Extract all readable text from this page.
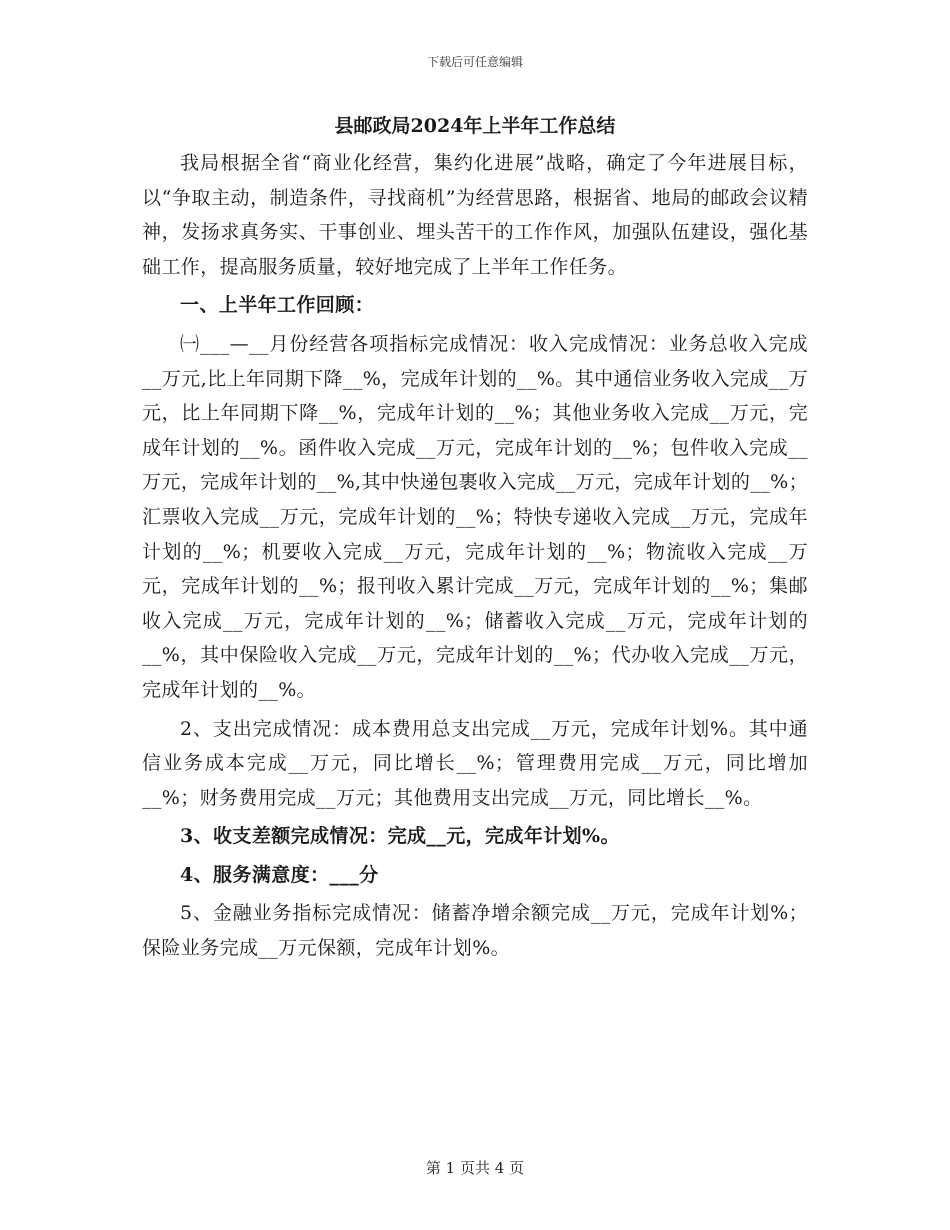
下载后可任意编辑
县邮政局2024年上半年工作总结

我局根据全省“商业化经营，集约化进展”战略，确定了今年进展目标，以“争取主动，制造条件，寻找商机”为经营思路，根据省、地局的邮政会议精神，发扬求真务实、干事创业、埋头苦干的工作作风，加强队伍建设，强化基础工作，提高服务质量，较好地完成了上半年工作任务。

一、上半年工作回顾：

㈠___—__月份经营各项指标完成情况：收入完成情况：业务总收入完成__万元,比上年同期下降__%，完成年计划的__%。其中通信业务收入完成__万元，比上年同期下降__%，完成年计划的__%；其他业务收入完成__万元，完成年计划的__%。函件收入完成__万元，完成年计划的__%；包件收入完成__万元，完成年计划的__%,其中快递包裹收入完成__万元，完成年计划的__%；汇票收入完成__万元，完成年计划的__%；特快专递收入完成__万元，完成年计划的__%；机要收入完成__万元，完成年计划的__%；物流收入完成__万元，完成年计划的__%；报刊收入累计完成__万元，完成年计划的__%；集邮收入完成__万元，完成年计划的__%；储蓄收入完成__万元，完成年计划的__%，其中保险收入完成__万元，完成年计划的__%；代办收入完成__万元，完成年计划的__%。

2、支出完成情况：成本费用总支出完成__万元，完成年计划%。其中通信业务成本完成__万元，同比增长__%；管理费用完成__万元，同比增加__%；财务费用完成__万元；其他费用支出完成__万元，同比增长__%。

3、收支差额完成情况：完成__元，完成年计划%。

4、服务满意度：___分

5、金融业务指标完成情况：储蓄净增余额完成__万元，完成年计划%；保险业务完成__万元保额，完成年计划%。

第 1 页共 4 页
